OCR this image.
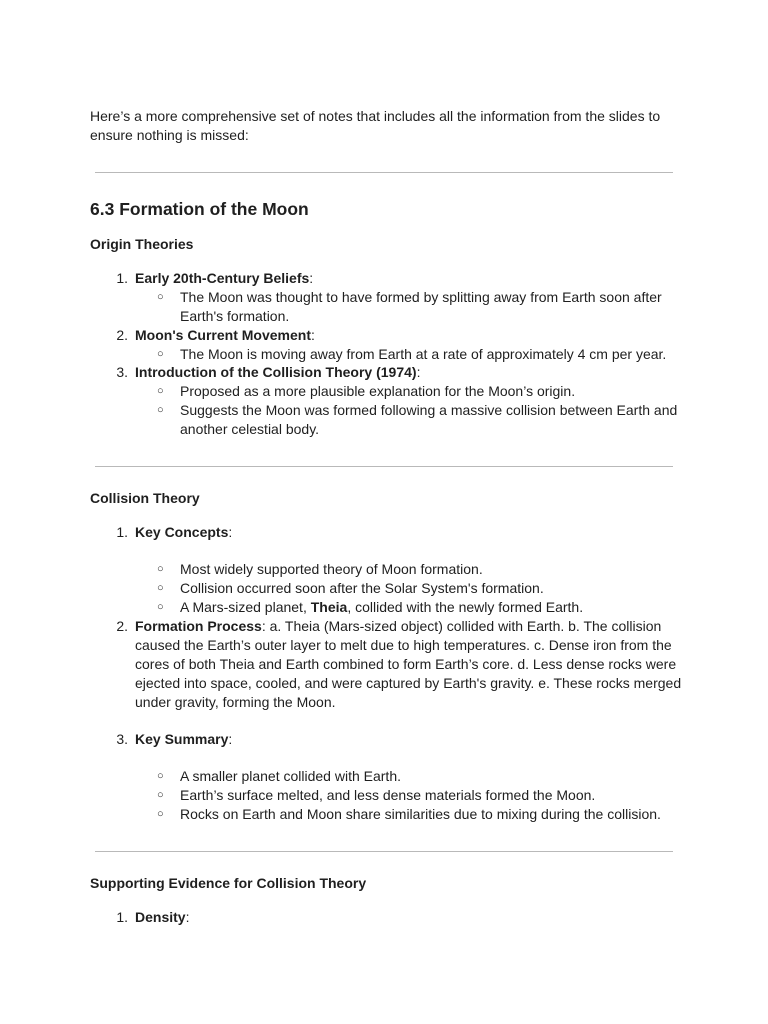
Here’s a more comprehensive set of notes that includes all the information from the slides to ensure nothing is missed:
6.3 Formation of the Moon
Origin Theories
1. Early 20th-Century Beliefs:
○ The Moon was thought to have formed by splitting away from Earth soon after Earth's formation.
2. Moon's Current Movement:
○ The Moon is moving away from Earth at a rate of approximately 4 cm per year.
3. Introduction of the Collision Theory (1974):
○ Proposed as a more plausible explanation for the Moon’s origin.
○ Suggests the Moon was formed following a massive collision between Earth and another celestial body.
Collision Theory
1. Key Concepts:
○ Most widely supported theory of Moon formation.
○ Collision occurred soon after the Solar System's formation.
○ A Mars-sized planet, Theia, collided with the newly formed Earth.
2. Formation Process: a. Theia (Mars-sized object) collided with Earth. b. The collision caused the Earth’s outer layer to melt due to high temperatures. c. Dense iron from the cores of both Theia and Earth combined to form Earth’s core. d. Less dense rocks were ejected into space, cooled, and were captured by Earth's gravity. e. These rocks merged under gravity, forming the Moon.
3. Key Summary:
○ A smaller planet collided with Earth.
○ Earth’s surface melted, and less dense materials formed the Moon.
○ Rocks on Earth and Moon share similarities due to mixing during the collision.
Supporting Evidence for Collision Theory
1. Density:
